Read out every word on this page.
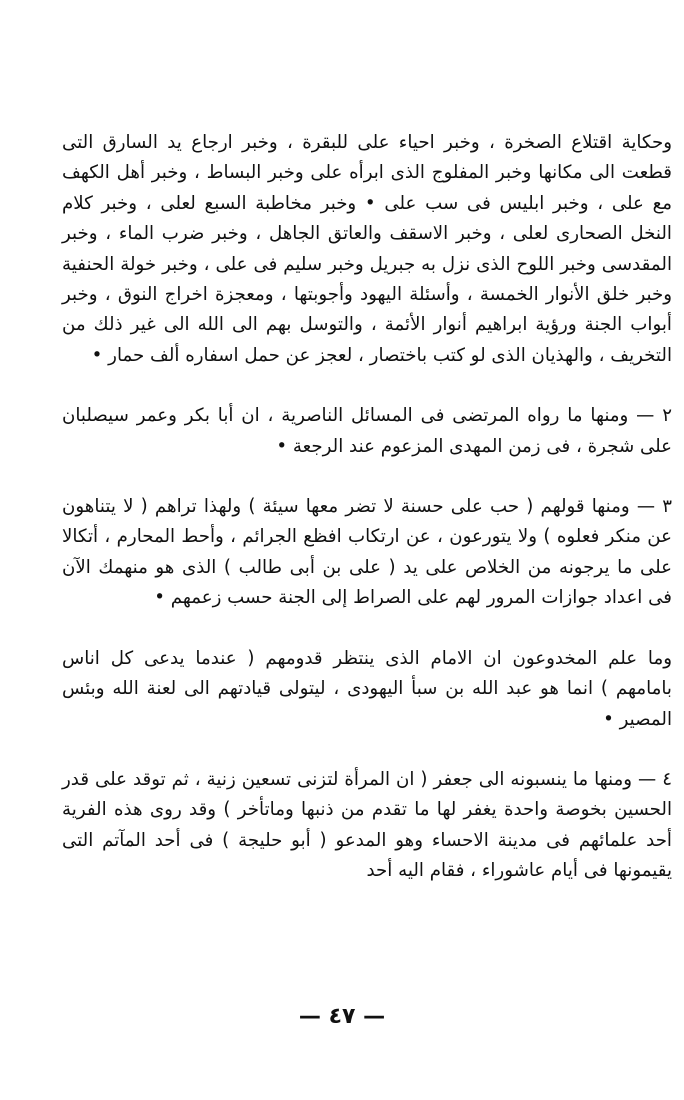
وحكاية اقتلاع الصخرة ، وخبر احياء على للبقرة ، وخبر ارجاع يد السارق التى قطعت الى مكانها وخبر المفلوج الذى ابرأه على وخبر البساط ، وخبر أهل الكهف مع على ، وخبر ابليس فى سب على • وخبر مخاطبة السبع لعلى ، وخبر كلام النخل الصحارى لعلى ، وخبر الاسقف والعاتق الجاهل ، وخبر ضرب الماء ، وخبر المقدسى وخبر اللوح الذى نزل به جبريل وخبر سليم فى على ، وخبر خولة الحنفية وخبر خلق الأنوار الخمسة ، وأسئلة اليهود وأجوبتها ، ومعجزة اخراج النوق ، وخبر أبواب الجنة ورؤية ابراهيم أنوار الأئمة ، والتوسل بهم الى الله الى غير ذلك من التخريف ، والهذيان الذى لو كتب باختصار ، لعجز عن حمل اسفاره ألف حمار •

٢ — ومنها ما رواه المرتضى فى المسائل الناصرية ، ان أبا بكر وعمر سيصلبان على شجرة ، فى زمن المهدى المزعوم عند الرجعة •

٣ — ومنها قولهم ( حب على حسنة لا تضر معها سيئة ) ولهذا تراهم ( لا يتناهون عن منكر فعلوه ) ولا يتورعون ، عن ارتكاب افظع الجرائم ، وأحط المحارم ، أتكالا على ما يرجونه من الخلاص على يد ( على بن أبى طالب ) الذى هو منهمك الآن فى اعداد جوازات المرور لهم على الصراط إلى الجنة حسب زعمهم •

وما علم المخدوعون ان الامام الذى ينتظر قدومهم ( عندما يدعى كل اناس بامامهم ) انما هو عبد الله بن سبأ اليهودى ، ليتولى قيادتهم الى لعنة الله وبئس المصير •

٤ — ومنها ما ينسبونه الى جعفر ( ان المرأة لتزنى تسعين زنية ، ثم توقد على قدر الحسين بخوصة واحدة يغفر لها ما تقدم من ذنبها وماتأخر ) وقد روى هذه الفرية أحد علمائهم فى مدينة الاحساء وهو المدعو ( أبو حليجة ) فى أحد المآتم التى يقيمونها فى أيام عاشوراء ، فقام اليه أحد

— ٤٧ —
